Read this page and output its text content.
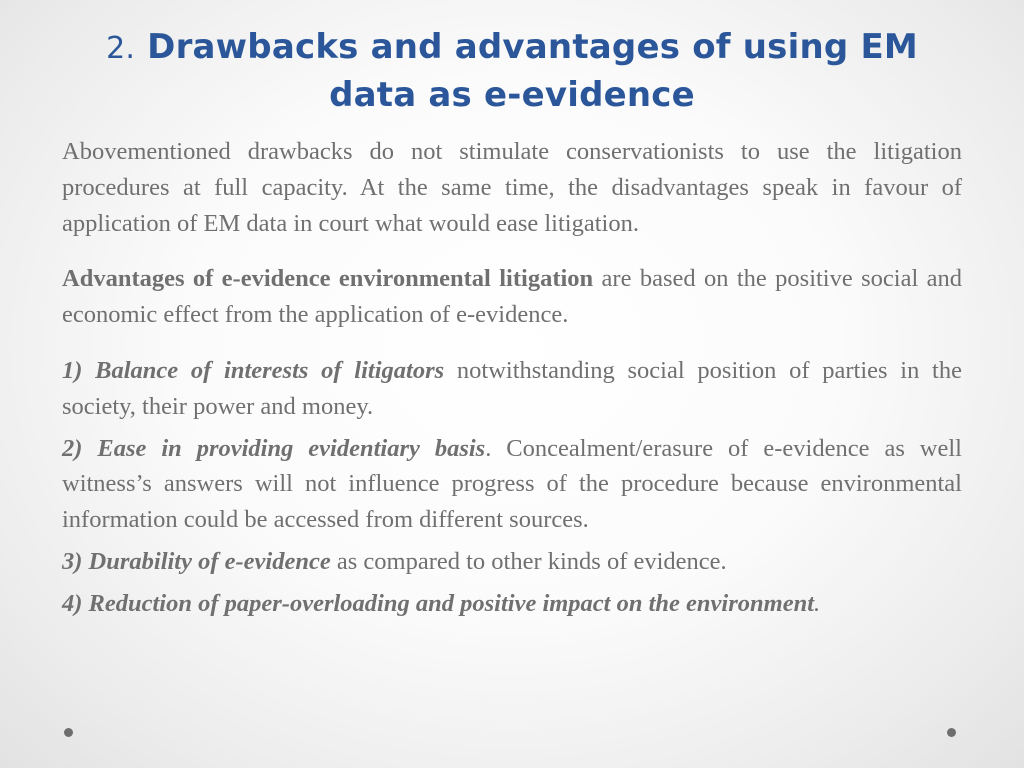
2. Drawbacks and advantages of using EM data as e-evidence

Abovementioned drawbacks do not stimulate conservationists to use the litigation procedures at full capacity. At the same time, the disadvantages speak in favour of application of EM data in court what would ease litigation.

Advantages of e-evidence environmental litigation are based on the positive social and economic effect from the application of e-evidence.

1) Balance of interests of litigators notwithstanding social position of parties in the society, their power and money.

2) Ease in providing evidentiary basis. Concealment/erasure of e-evidence as well witness’s answers will not influence progress of the procedure because environmental information could be accessed from different sources.

3) Durability of e-evidence as compared to other kinds of evidence.

4) Reduction of paper-overloading and positive impact on the environment.
